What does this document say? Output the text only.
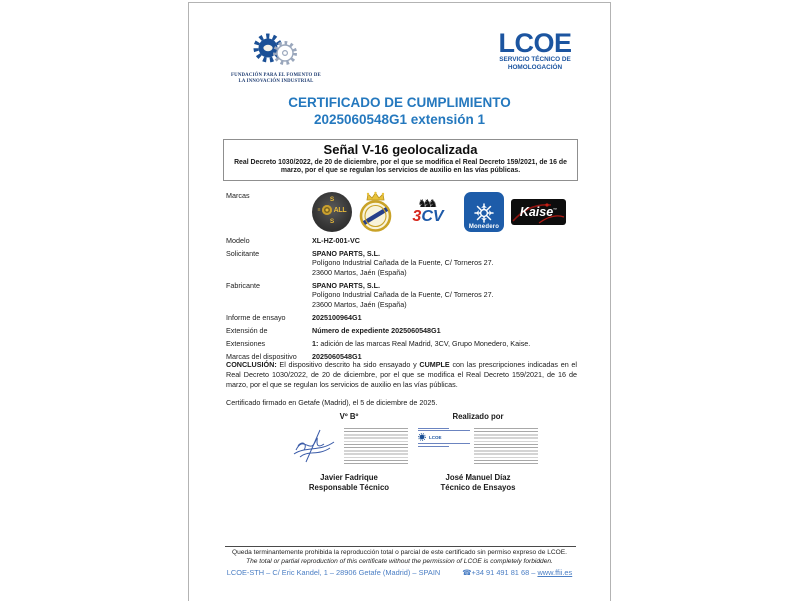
FUNDACIÓN PARA EL FOMENTO DE
LA INNOVACIÓN INDUSTRIAL
LCOE
SERVICIO TÉCNICO DE
HOMOLOGACIÓN
CERTIFICADO DE CUMPLIMIENTO
2025060548G1 extensión 1
Señal V-16 geolocalizada
Real Decreto 1030/2022, de 20 de diciembre, por el que se modifica el Real Decreto 159/2021, de 16 de marzo, por el que se regulan los servicios de auxilio en las vías públicas.
Marcas	S
≡ ALL
S
♞♞♞
3CV
Monedero
Kaise™
Modelo	XL-HZ-001-VC
Solicitante	SPANO PARTS, S.L.
Polígono Industrial Cañada de la Fuente, C/ Torneros 27.
23600 Martos, Jaén (España)
Fabricante	SPANO PARTS, S.L.
Polígono Industrial Cañada de la Fuente, C/ Torneros 27.
23600 Martos, Jaén (España)
Informe de ensayo	2025100964G1
Extensión de	Número de expediente 2025060548G1
Extensiones	1: adición de las marcas Real Madrid, 3CV, Grupo Monedero, Kaise.
Marcas del dispositivo	2025060548G1
CONCLUSIÓN: El dispositivo descrito ha sido ensayado y CUMPLE con las prescripciones indicadas en el Real Decreto 1030/2022, de 20 de diciembre, por el que se modifica el Real Decreto 159/2021, de 16 de marzo, por el que se regulan los servicios de auxilio en las vías públicas.
Certificado firmado en Getafe (Madrid), el 5 de diciembre de 2025.
Vº Bº
Javier Fadrique
Responsable Técnico
Realizado por
LCOE
José Manuel Díaz
Técnico de Ensayos
Queda terminantemente prohibida la reproducción total o parcial de este certificado sin permiso expreso de LCOE.
The total or partial reproduction of this certificate without the permission of LCOE is completely forbidden.
LCOE-STH – C/ Eric Kandel, 1 – 28906 Getafe (Madrid) – SPAIN	☎+34 91 491 81 68 – www.ffii.es
